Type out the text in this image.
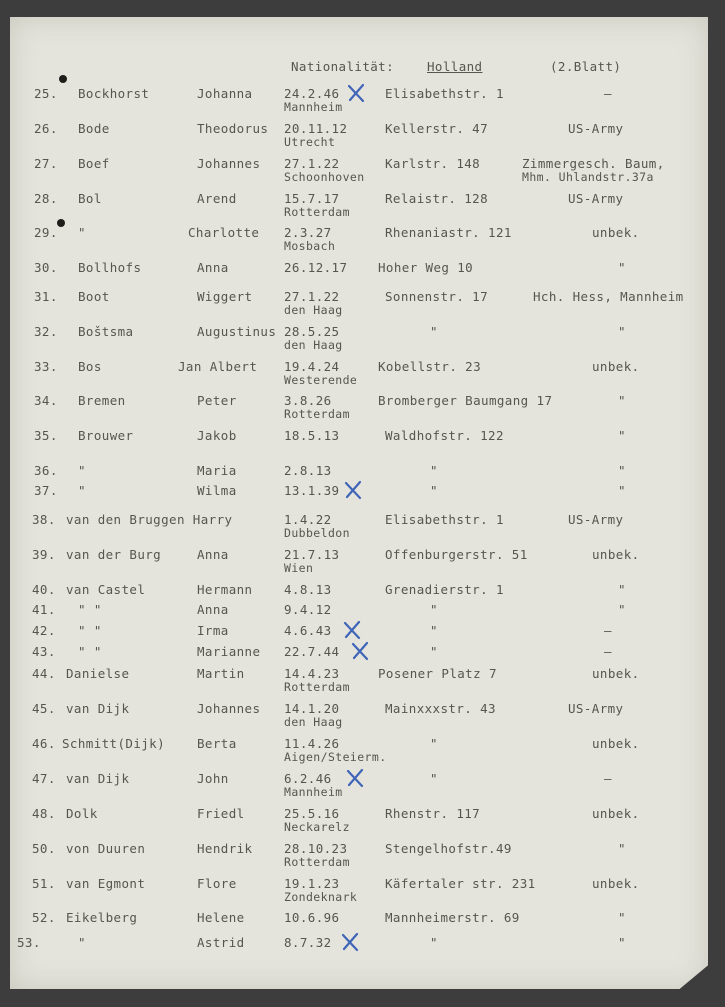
Nationalität:	Holland	(2.Blatt)
25. Bockhorst	Johanna	24.2.46
Mannheim
Elisabethstr. 1	—
26. Bode	Theodorus 20.11.12
Utrecht
Kellerstr. 47	US-Army
27. Boef	Johannes 27.1.22
Schoonhoven
Karlstr. 148	Zimmergesch. Baum,
Mhm. Uhlandstr.37a
28. Bol	Arend	15.7.17
Rotterdam
Relaistr. 128	US-Army
29. "	Charlotte 2.3.27
Mosbach
Rhenaniastr. 121	unbek.
30. Bollhofs	Anna	26.12.17 Hoher Weg 10	"
31. Boot	Wiggert	27.1.22
den Haag
Sonnenstr. 17	Hch. Hess, Mannheim
32. Boštsma	Augustinus 28.5.25
den Haag
"	"
33. Bos	Jan Albert 19.4.24
Westerende
Kobellstr. 23	unbek.
34. Bremen	Peter	3.8.26
Rotterdam
Bromberger Baumgang 17	"
35. Brouwer	Jakob	18.5.13	Waldhofstr. 122	"
36. "	Maria	2.8.13	"	"
37. "	Wilma	13.1.39	"	"
38. van den Bruggen Harry	1.4.22
Dubbeldon
Elisabethstr. 1	US-Army
39. van der Burg	Anna	21.7.13
Wien
Offenburgerstr. 51	unbek.
40. van Castel	Hermann	4.8.13	Grenadierstr. 1	"
41. " "	Anna	9.4.12	"	"
42. " "	Irma	4.6.43	"	—
43. " "	Marianne 22.7.44	"	—
44. Danielse	Martin	14.4.23
Rotterdam
Posener Platz 7	unbek.
45. van Dijk	Johannes 14.1.20
den Haag
Mainxxxstr. 43	US-Army
46. Schmitt(Dijk)	Berta	11.4.26
Aigen/Steierm.
"	unbek.
47. van Dijk	John	6.2.46
Mannheim
"	—
48. Dolk	Friedl	25.5.16
Neckarelz
Rhenstr. 117	unbek.
50. von Duuren	Hendrik	28.10.23
Rotterdam
Stengelhofstr.49	"
51. van Egmont	Flore	19.1.23
Zondeknark
Käfertaler str. 231	unbek.
52. Eikelberg	Helene	10.6.96	Mannheimerstr. 69	"
53.	"	Astrid	8.7.32	"	"
